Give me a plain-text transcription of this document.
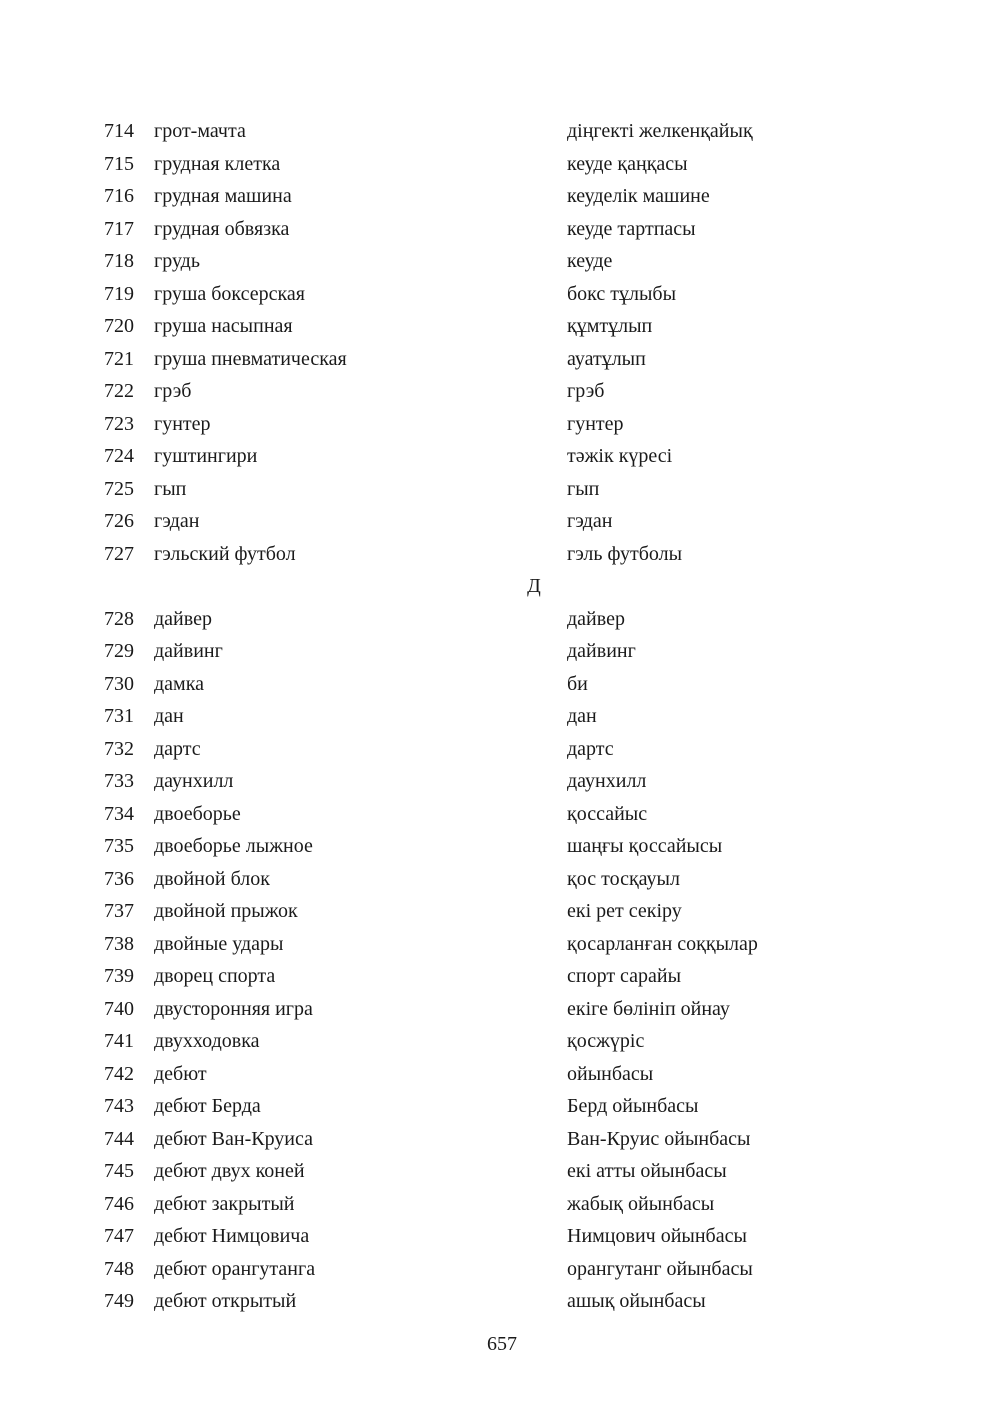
714 грот-мачта	діңгекті желкенқайық
715 грудная клетка	кеуде қаңқасы
716 грудная машина	кеуделік машине
717 грудная обвязка	кеуде тартпасы
718 грудь	кеуде
719 груша боксерская	бокс тұлыбы
720 груша насыпная	құмтұлып
721 груша пневматическая	ауатұлып
722 грэб	грэб
723 гунтер	гунтер
724 гуштингири	тәжік күресі
725 гып	гып
726 гэдан	гэдан
727 гэльский футбол	гэль футболы
Д
728 дайвер	дайвер
729 дайвинг	дайвинг
730 дамка	би
731 дан	дан
732 дартс	дартс
733 даунхилл	даунхилл
734 двоеборье	қоссайыс
735 двоеборье лыжное	шаңғы қоссайысы
736 двойной блок	қос тосқауыл
737 двойной прыжок	екі рет секіру
738 двойные удары	қосарланған соққылар
739 дворец спорта	спорт сарайы
740 двусторонняя игра	екіге бөлініп ойнау
741 двухходовка	қосжүріс
742 дебют	ойынбасы
743 дебют Берда	Берд ойынбасы
744 дебют Ван-Круиса	Ван-Круис ойынбасы
745 дебют двух коней	екі атты ойынбасы
746 дебют закрытый	жабық ойынбасы
747 дебют Нимцовича	Нимцович ойынбасы
748 дебют орангутанга	орангутанг ойынбасы
749 дебют открытый	ашық ойынбасы
657
